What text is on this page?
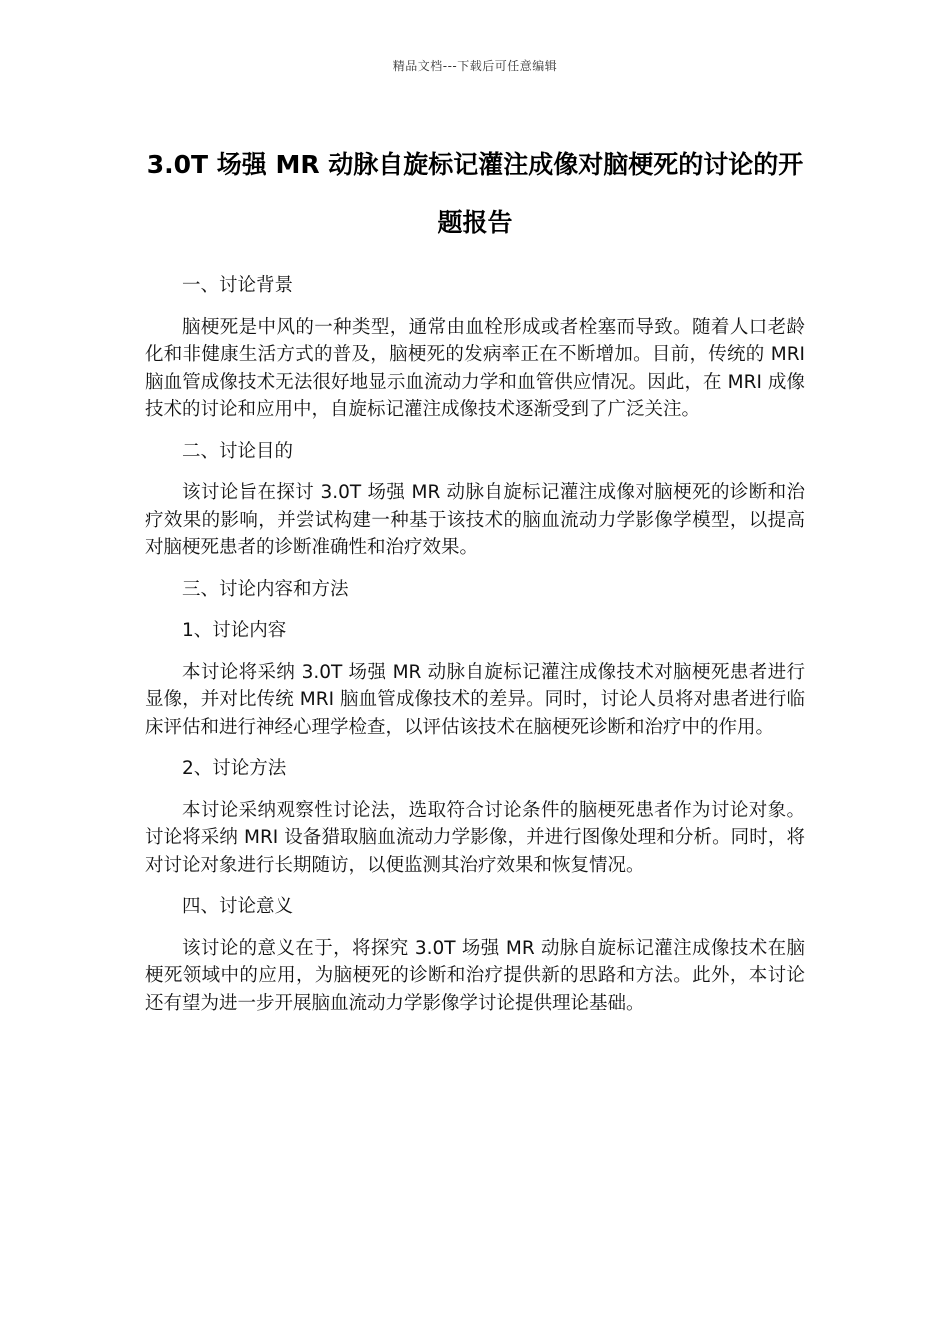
精品文档---下载后可任意编辑
3.0T 场强 MR 动脉自旋标记灌注成像对脑梗死的讨论的开题报告

一、讨论背景

脑梗死是中风的一种类型，通常由血栓形成或者栓塞而导致。随着人口老龄化和非健康生活方式的普及，脑梗死的发病率正在不断增加。目前，传统的 MRI 脑血管成像技术无法很好地显示血流动力学和血管供应情况。因此，在 MRI 成像技术的讨论和应用中，自旋标记灌注成像技术逐渐受到了广泛关注。

二、讨论目的

该讨论旨在探讨 3.0T 场强 MR 动脉自旋标记灌注成像对脑梗死的诊断和治疗效果的影响，并尝试构建一种基于该技术的脑血流动力学影像学模型，以提高对脑梗死患者的诊断准确性和治疗效果。

三、讨论内容和方法

1、讨论内容

本讨论将采纳 3.0T 场强 MR 动脉自旋标记灌注成像技术对脑梗死患者进行显像，并对比传统 MRI 脑血管成像技术的差异。同时，讨论人员将对患者进行临床评估和进行神经心理学检查，以评估该技术在脑梗死诊断和治疗中的作用。

2、讨论方法

本讨论采纳观察性讨论法，选取符合讨论条件的脑梗死患者作为讨论对象。讨论将采纳 MRI 设备猎取脑血流动力学影像，并进行图像处理和分析。同时，将对讨论对象进行长期随访，以便监测其治疗效果和恢复情况。

四、讨论意义

该讨论的意义在于，将探究 3.0T 场强 MR 动脉自旋标记灌注成像技术在脑梗死领域中的应用，为脑梗死的诊断和治疗提供新的思路和方法。此外，本讨论还有望为进一步开展脑血流动力学影像学讨论提供理论基础。
